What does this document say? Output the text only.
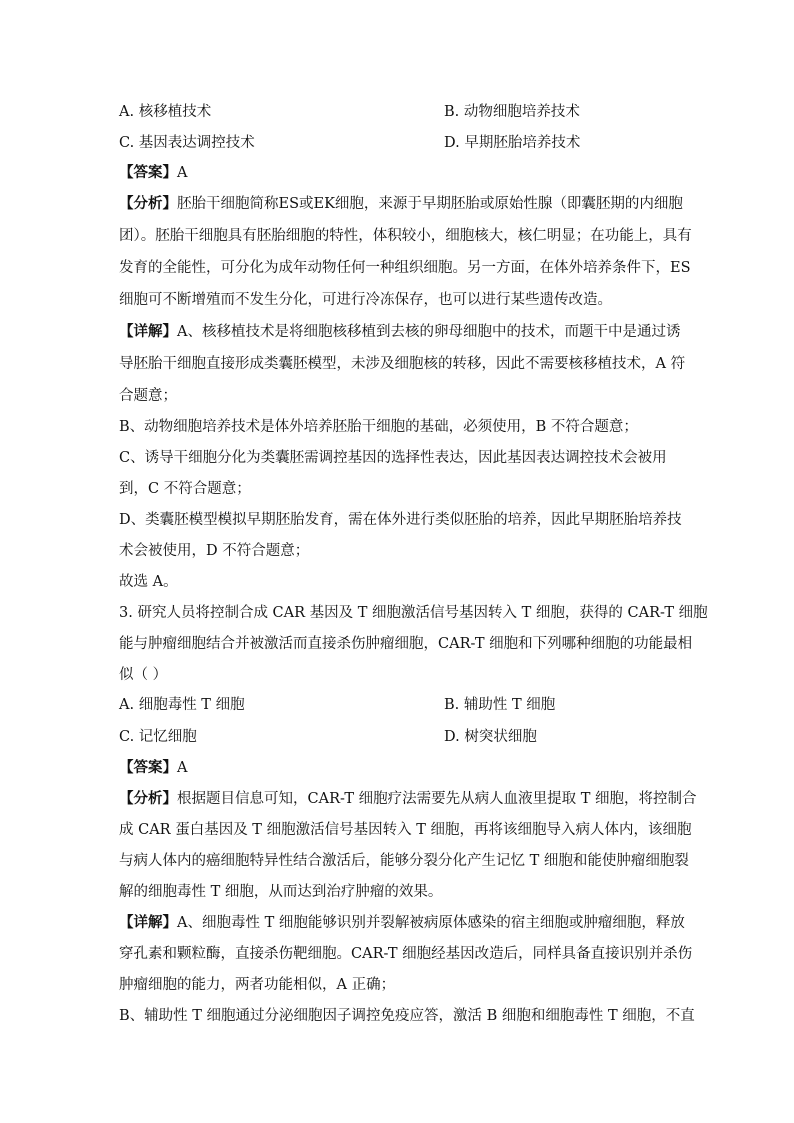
A. 核移植技术	B. 动物细胞培养技术
C. 基因表达调控技术	D. 早期胚胎培养技术
【答案】A
【分析】胚胎干细胞简称ES或EK细胞，来源于早期胚胎或原始性腺（即囊胚期的内细胞
团）。胚胎干细胞具有胚胎细胞的特性，体积较小，细胞核大，核仁明显；在功能上，具有
发育的全能性，可分化为成年动物任何一种组织细胞。另一方面，在体外培养条件下，ES
细胞可不断增殖而不发生分化，可进行冷冻保存，也可以进行某些遗传改造。
【详解】A、核移植技术是将细胞核移植到去核的卵母细胞中的技术，而题干中是通过诱
导胚胎干细胞直接形成类囊胚模型，未涉及细胞核的转移，因此不需要核移植技术，A 符
合题意；
B、动物细胞培养技术是体外培养胚胎干细胞的基础，必须使用，B 不符合题意；
C、诱导干细胞分化为类囊胚需调控基因的选择性表达，因此基因表达调控技术会被用
到，C 不符合题意；
D、类囊胚模型模拟早期胚胎发育，需在体外进行类似胚胎的培养，因此早期胚胎培养技
术会被使用，D 不符合题意；
故选 A。
3. 研究人员将控制合成 CAR 基因及 T 细胞激活信号基因转入 T 细胞，获得的 CAR-T 细胞
能与肿瘤细胞结合并被激活而直接杀伤肿瘤细胞，CAR-T 细胞和下列哪种细胞的功能最相
似（ ）
A. 细胞毒性 T 细胞	B. 辅助性 T 细胞
C. 记忆细胞	D. 树突状细胞
【答案】A
【分析】根据题目信息可知，CAR-T 细胞疗法需要先从病人血液里提取 T 细胞，将控制合
成 CAR 蛋白基因及 T 细胞激活信号基因转入 T 细胞，再将该细胞导入病人体内，该细胞
与病人体内的癌细胞特异性结合激活后，能够分裂分化产生记忆 T 细胞和能使肿瘤细胞裂
解的细胞毒性 T 细胞，从而达到治疗肿瘤的效果。
【详解】A、细胞毒性 T 细胞能够识别并裂解被病原体感染的宿主细胞或肿瘤细胞，释放
穿孔素和颗粒酶，直接杀伤靶细胞。CAR-T 细胞经基因改造后，同样具备直接识别并杀伤
肿瘤细胞的能力，两者功能相似，A 正确；
B、辅助性 T 细胞通过分泌细胞因子调控免疫应答，激活 B 细胞和细胞毒性 T 细胞，不直
